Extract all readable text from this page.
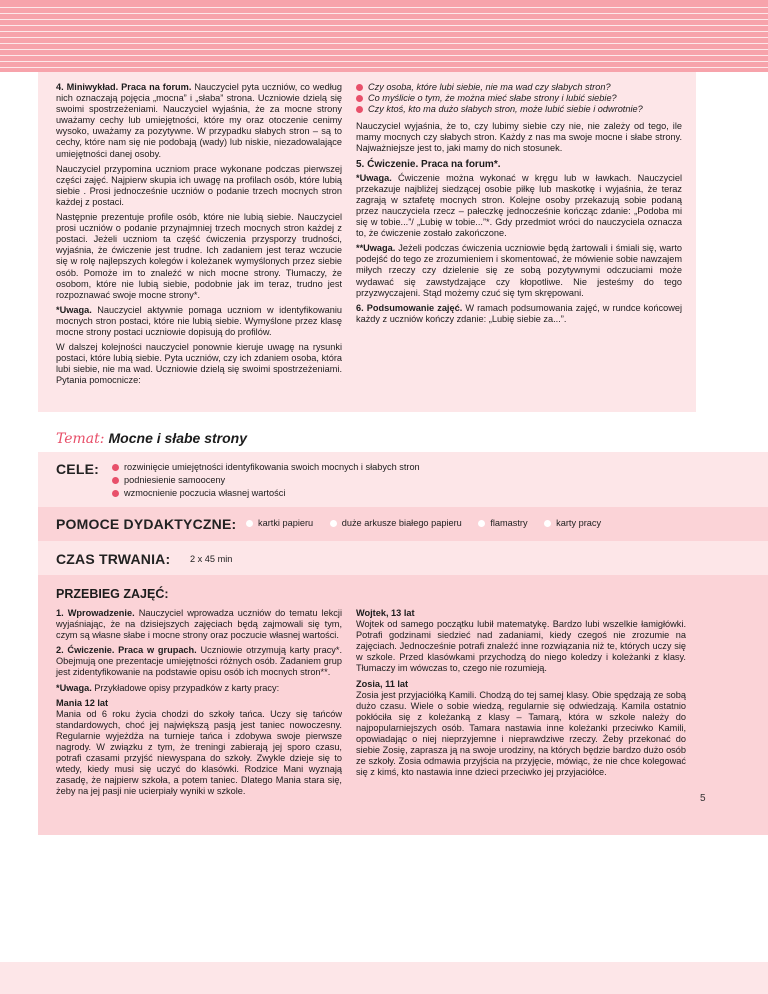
4. Miniwykład. Praca na forum. Nauczyciel pyta uczniów, co według nich oznaczają pojęcia „mocna” i „słaba” strona. Uczniowie dzielą się swoimi spostrzeżeniami. Nauczyciel wyjaśnia, że za mocne strony uważamy cechy lub umiejętności, które my oraz otoczenie cenimy wysoko, uważamy za pozytywne. W przypadku słabych stron – są to cechy, które nam się nie podobają (wady) lub niskie, niezadowalające umiejętności danej osoby.

Nauczyciel przypomina uczniom prace wykonane podczas pierwszej części zajęć. Najpierw skupia ich uwagę na profilach osób, które lubią siebie . Prosi jednocześnie uczniów o podanie trzech mocnych stron każdej z postaci.

Następnie prezentuje profile osób, które nie lubią siebie. Nauczyciel prosi uczniów o podanie przynajmniej trzech mocnych stron każdej z postaci. Jeżeli uczniom ta część ćwiczenia przysporzy trudności, wyjaśnia, że ćwiczenie jest trudne. Ich zadaniem jest teraz wczucie się w rolę najlepszych kolegów i koleżanek wymyślonych przez siebie osób. Pomoże im to znaleźć w nich mocne strony. Tłumaczy, że osobom, które nie lubią siebie, podobnie jak im teraz, trudno jest rozpoznawać swoje mocne strony*.

*Uwaga. Nauczyciel aktywnie pomaga uczniom w identyfikowaniu mocnych stron postaci, które nie lubią siebie. Wymyślone przez klasę mocne strony postaci uczniowie dopisują do profilów.

W dalszej kolejności nauczyciel ponownie kieruje uwagę na rysunki postaci, które lubią siebie. Pyta uczniów, czy ich zdaniem osoba, która lubi siebie, nie ma wad. Uczniowie dzielą się swoimi spostrzeżeniami. Pytania pomocnicze:

Czy osoba, które lubi siebie, nie ma wad czy słabych stron?
Co myślicie o tym, że można mieć słabe strony i lubić siebie?
Czy ktoś, kto ma dużo słabych stron, może lubić siebie i odwrotnie?

Nauczyciel wyjaśnia, że to, czy lubimy siebie czy nie, nie zależy od tego, ile mamy mocnych czy słabych stron. Każdy z nas ma swoje mocne i słabe strony. Najważniejsze jest to, jaki mamy do nich stosunek.

5. Ćwiczenie. Praca na forum*.

*Uwaga. Ćwiczenie można wykonać w kręgu lub w ławkach. Nauczyciel przekazuje najbliżej siedzącej osobie piłkę lub maskotkę i wyjaśnia, że teraz zagrają w sztafetę mocnych stron. Kolejne osoby przekazują sobie podaną przez nauczyciela rzecz – pałeczkę jednocześnie kończąc zdanie: „Podoba mi się w tobie...”/ „Lubię w tobie...”*. Gdy przedmiot wróci do nauczyciela oznacza to, że ćwiczenie zostało zakończone.

**Uwaga. Jeżeli podczas ćwiczenia uczniowie będą żartowali i śmiali się, warto podejść do tego ze zrozumieniem i skomentować, że mówienie sobie nawzajem miłych rzeczy czy dzielenie się ze sobą pozytywnymi odczuciami może wydawać się zawstydzające czy kłopotliwe. Nie jesteśmy do tego przyzwyczajeni. Stąd możemy czuć się tym skrępowani.

6. Podsumowanie zajęć. W ramach podsumowania zajęć, w rundce końcowej każdy z uczniów kończy zdanie: „Lubię siebie za...”.

Temat: Mocne i słabe strony
CELE:	rozwinięcie umiejętności identyfikowania swoich mocnych i słabych stron
podniesienie samooceny
wzmocnienie poczucia własnej wartości
POMOCE DYDAKTYCZNE:	kartki papieru	duże arkusze białego papieru	flamastry	karty pracy
CZAS TRWANIA: 2 x 45 min
PRZEBIEG ZAJĘĆ:

1. Wprowadzenie. Nauczyciel wprowadza uczniów do tematu lekcji wyjaśniając, że na dzisiejszych zajęciach będą zajmowali się tym, czym są własne słabe i mocne strony oraz poczucie własnej wartości.

2. Ćwiczenie. Praca w grupach. Uczniowie otrzymują karty pracy*. Obejmują one prezentacje umiejętności różnych osób. Zadaniem grup jest zidentyfikowanie na podstawie opisu osób ich mocnych stron**.

*Uwaga. Przykładowe opisy przypadków z karty pracy:

Mania 12 lat

Mania od 6 roku życia chodzi do szkoły tańca. Uczy się tańców standardowych, choć jej największą pasją jest taniec nowoczesny. Regularnie wyjeżdża na turnieje tańca i zdobywa swoje pierwsze nagrody. W związku z tym, że treningi zabierają jej sporo czasu, potrafi czasami przyjść niewyspana do szkoły. Zwykle dzieje się to wtedy, kiedy musi się uczyć do klasówki. Rodzice Mani wyznają zasadę, że najpierw szkoła, a potem taniec. Dlatego Mania stara się, żeby na jej pasji nie ucierpiały wyniki w szkole.

Wojtek, 13 lat

Wojtek od samego początku lubił matematykę. Bardzo lubi wszelkie łamigłówki. Potrafi godzinami siedzieć nad zadaniami, kiedy czegoś nie zrozumie na zajęciach. Jednocześnie potrafi znaleźć inne rozwiązania niż te, których uczy się w szkole. Przed klasówkami przychodzą do niego koledzy i koleżanki z klasy. Tłumaczy im wówczas to, czego nie rozumieją.

Zosia, 11 lat

Zosia jest przyjaciółką Kamili. Chodzą do tej samej klasy. Obie spędzają ze sobą dużo czasu. Wiele o sobie wiedzą, regularnie się odwiedzają. Kamila ostatnio pokłóciła się z koleżanką z klasy – Tamarą, która w szkole należy do najpopularniejszych osób. Tamara nastawia inne koleżanki przeciwko Kamili, opowiadając o niej nieprzyjemne i nieprawdziwe rzeczy. Żeby przekonać do siebie Zosię, zaprasza ją na swoje urodziny, na których będzie bardzo dużo osób ze szkoły. Zosia odmawia przyjścia na przyjęcie, mówiąc, że nie chce kolegować się z kimś, kto nastawia inne dzieci przeciwko jej przyjaciółce.

5
